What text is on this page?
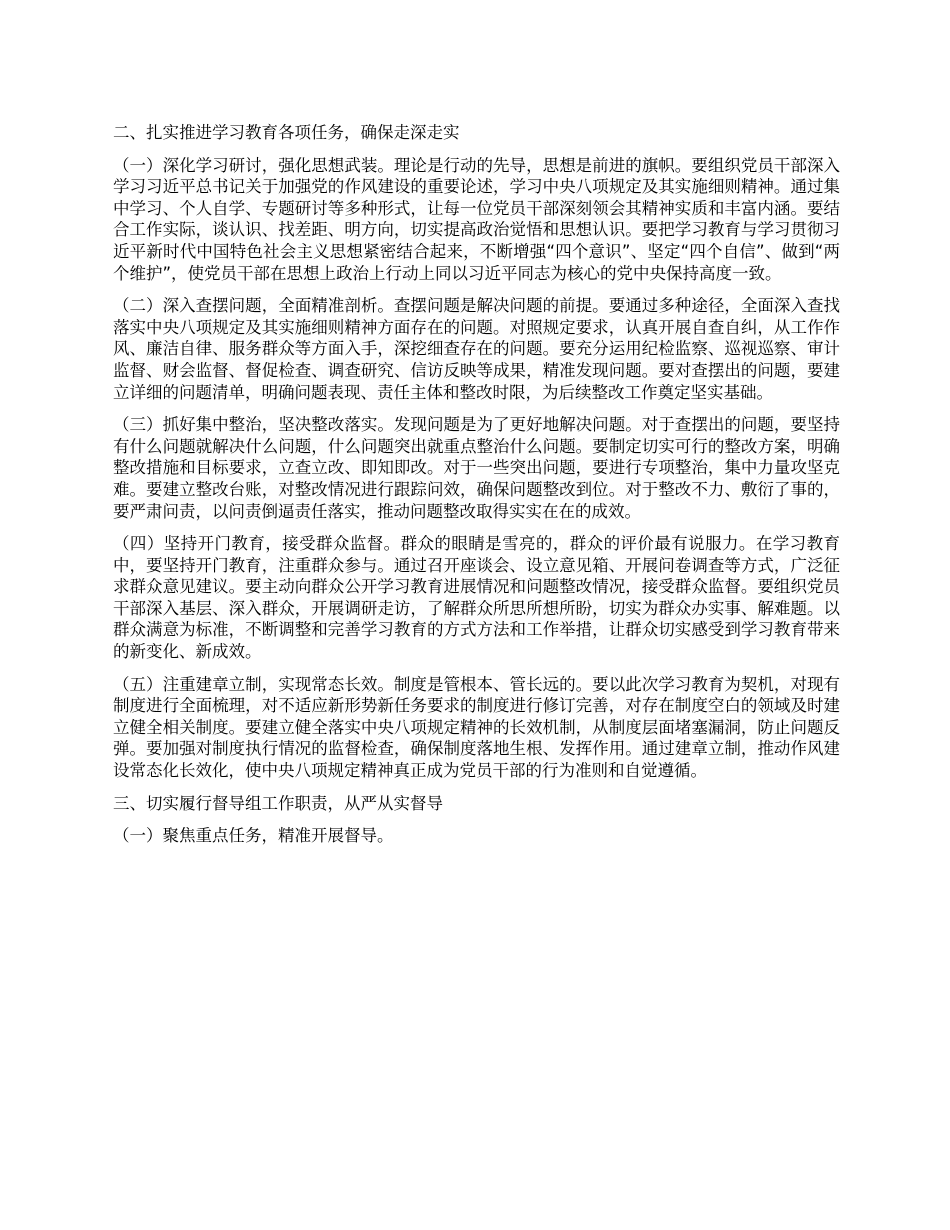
二、扎实推进学习教育各项任务，确保走深走实

（一）深化学习研讨，强化思想武装。理论是行动的先导，思想是前进的旗帜。要组织党员干部深入学习习近平总书记关于加强党的作风建设的重要论述，学习中央八项规定及其实施细则精神。通过集中学习、个人自学、专题研讨等多种形式，让每一位党员干部深刻领会其精神实质和丰富内涵。要结合工作实际，谈认识、找差距、明方向，切实提高政治觉悟和思想认识。要把学习教育与学习贯彻习近平新时代中国特色社会主义思想紧密结合起来，不断增强“四个意识”、坚定“四个自信”、做到“两个维护”，使党员干部在思想上政治上行动上同以习近平同志为核心的党中央保持高度一致。

（二）深入查摆问题，全面精准剖析。查摆问题是解决问题的前提。要通过多种途径，全面深入查找落实中央八项规定及其实施细则精神方面存在的问题。对照规定要求，认真开展自查自纠，从工作作风、廉洁自律、服务群众等方面入手，深挖细查存在的问题。要充分运用纪检监察、巡视巡察、审计监督、财会监督、督促检查、调查研究、信访反映等成果，精准发现问题。要对查摆出的问题，要建立详细的问题清单，明确问题表现、责任主体和整改时限，为后续整改工作奠定坚实基础。

（三）抓好集中整治，坚决整改落实。发现问题是为了更好地解决问题。对于查摆出的问题，要坚持有什么问题就解决什么问题，什么问题突出就重点整治什么问题。要制定切实可行的整改方案，明确整改措施和目标要求，立查立改、即知即改。对于一些突出问题，要进行专项整治，集中力量攻坚克难。要建立整改台账，对整改情况进行跟踪问效，确保问题整改到位。对于整改不力、敷衍了事的，要严肃问责，以问责倒逼责任落实，推动问题整改取得实实在在的成效。

（四）坚持开门教育，接受群众监督。群众的眼睛是雪亮的，群众的评价最有说服力。在学习教育中，要坚持开门教育，注重群众参与。通过召开座谈会、设立意见箱、开展问卷调查等方式，广泛征求群众意见建议。要主动向群众公开学习教育进展情况和问题整改情况，接受群众监督。要组织党员干部深入基层、深入群众，开展调研走访，了解群众所思所想所盼，切实为群众办实事、解难题。以群众满意为标准，不断调整和完善学习教育的方式方法和工作举措，让群众切实感受到学习教育带来的新变化、新成效。

（五）注重建章立制，实现常态长效。制度是管根本、管长远的。要以此次学习教育为契机，对现有制度进行全面梳理，对不适应新形势新任务要求的制度进行修订完善，对存在制度空白的领域及时建立健全相关制度。要建立健全落实中央八项规定精神的长效机制，从制度层面堵塞漏洞，防止问题反弹。要加强对制度执行情况的监督检查，确保制度落地生根、发挥作用。通过建章立制，推动作风建设常态化长效化，使中央八项规定精神真正成为党员干部的行为准则和自觉遵循。

三、切实履行督导组工作职责，从严从实督导

（一）聚焦重点任务，精准开展督导。
